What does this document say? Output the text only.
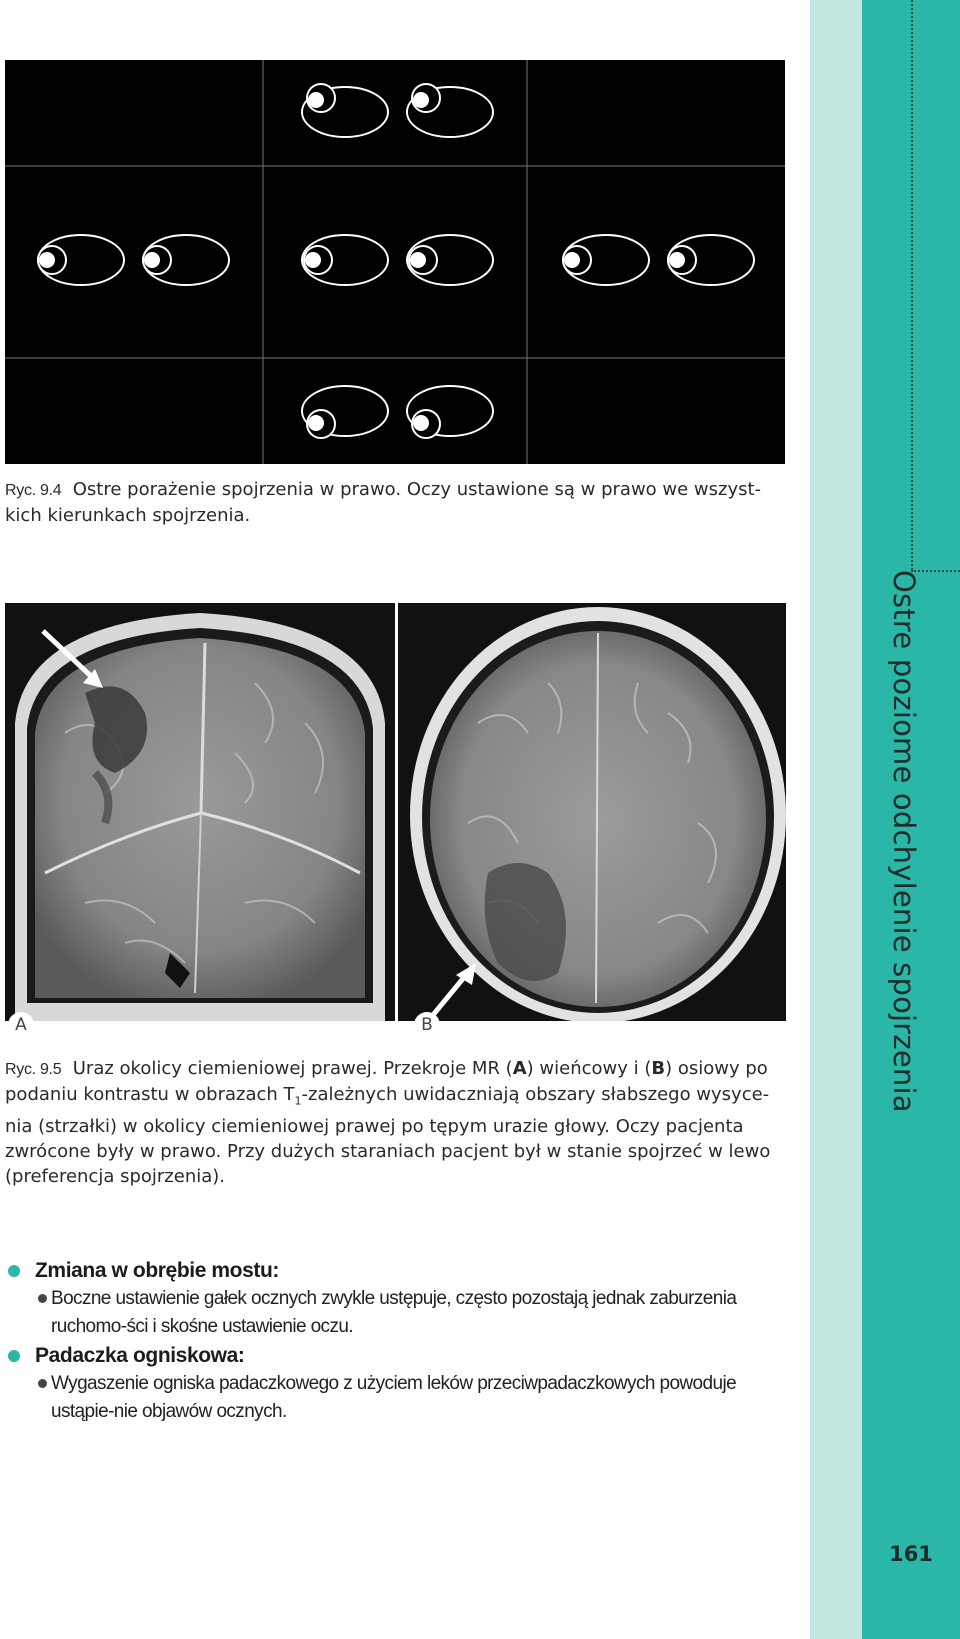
Ostre poziome odchylenie spojrzenia
161
Ryc. 9.4 Ostre porażenie spojrzenia w prawo. Oczy ustawione są w prawo we wszyst-kich kierunkach spojrzenia.
A	B
Ryc. 9.5 Uraz okolicy ciemieniowej prawej. Przekroje MR (A) wieńcowy i (B) osiowy po podaniu kontrastu w obrazach $T_1$-zależnych uwidaczniają obszary słabszego wysyce-nia (strzałki) w okolicy ciemieniowej prawej po tępym urazie głowy. Oczy pacjenta zwrócone były w prawo. Przy dużych staraniach pacjent był w stanie spojrzeć w lewo (preferencja spojrzenia).
Zmiana w obrębie mostu:
Boczne ustawienie gałek ocznych zwykle ustępuje, często pozostają jednak zaburzenia ruchomo-ści i skośne ustawienie oczu.
Padaczka ogniskowa:
Wygaszenie ogniska padaczkowego z użyciem leków przeciwpadaczkowych powoduje ustąpie-nie objawów ocznych.
